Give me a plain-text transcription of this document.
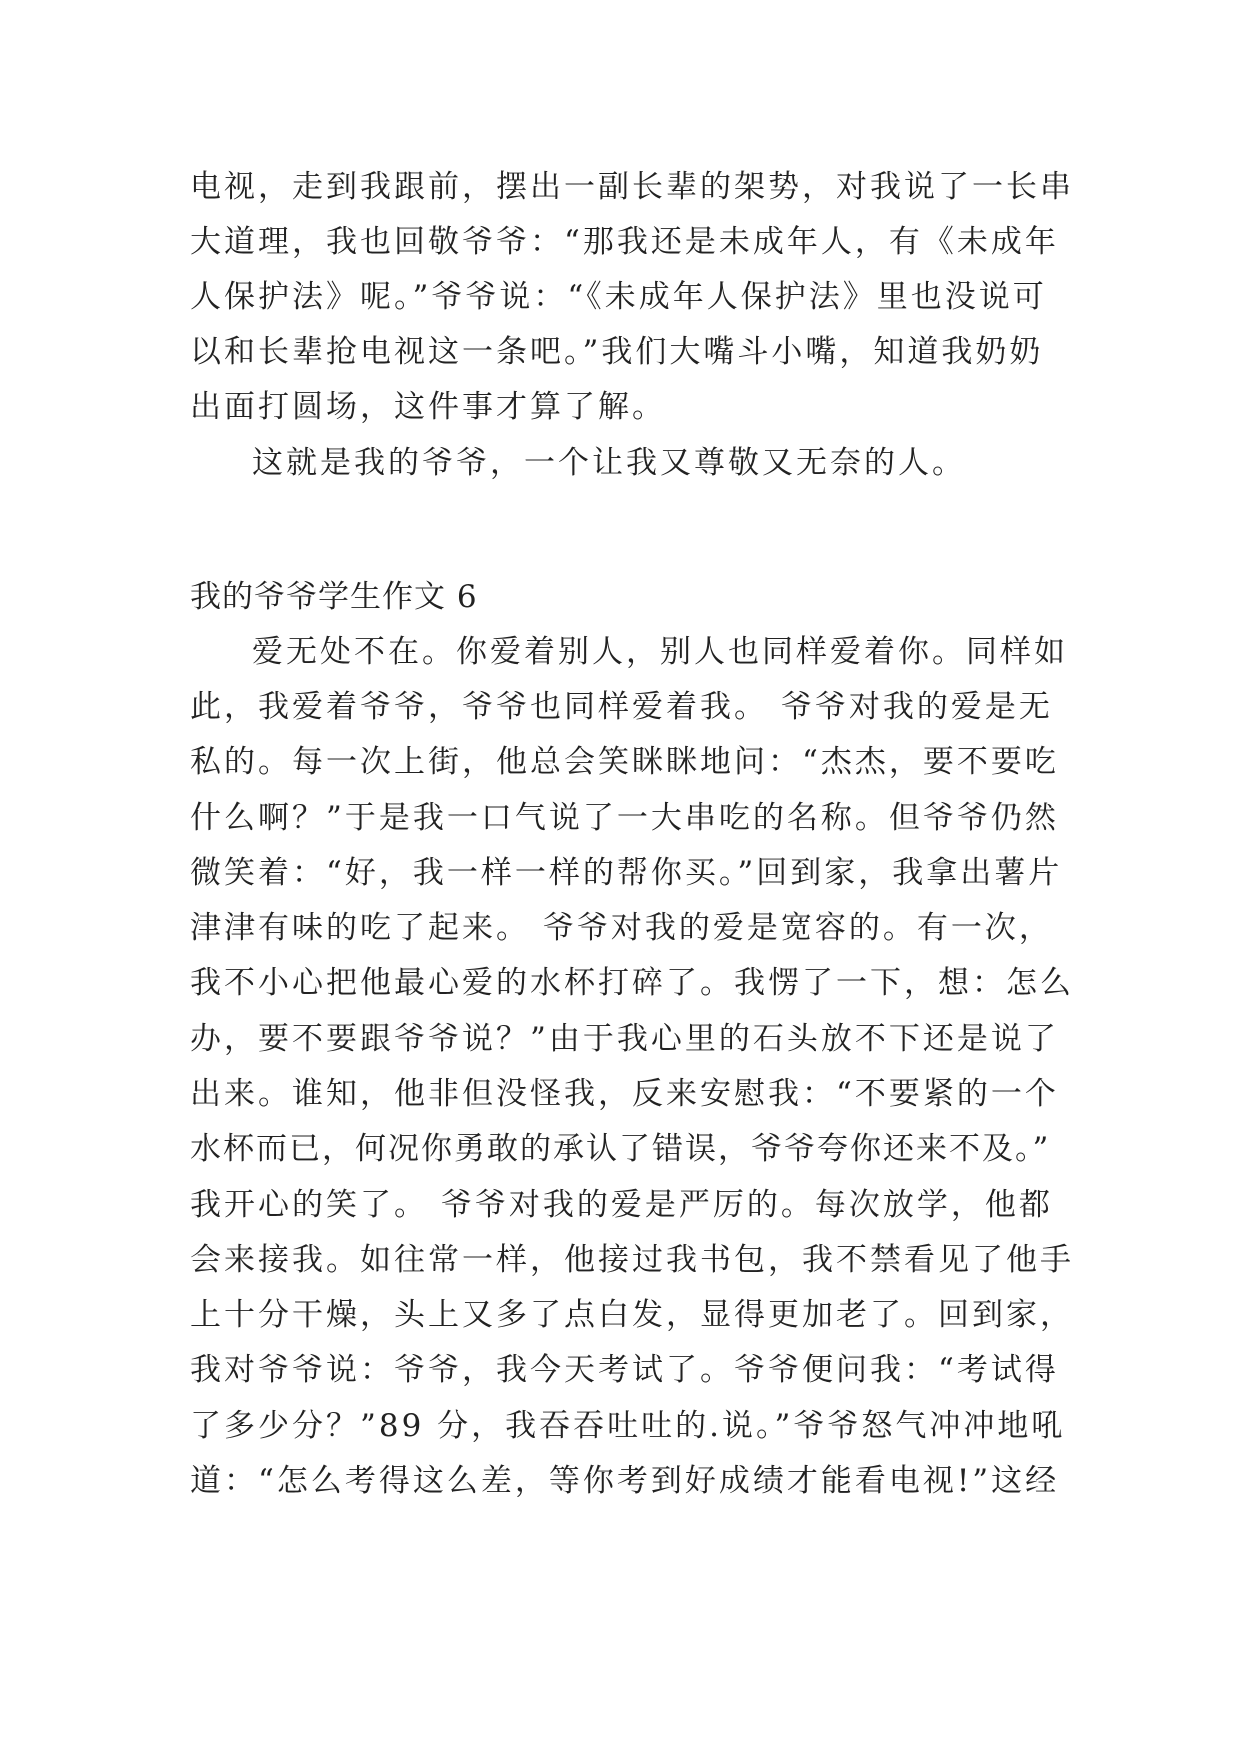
电视，走到我跟前，摆出一副长辈的架势，对我说了一长串
大道理，我也回敬爷爷：“那我还是未成年人，有《未成年
人保护法》呢。”爷爷说：“《未成年人保护法》里也没说可
以和长辈抢电视这一条吧。”我们大嘴斗小嘴，知道我奶奶
出面打圆场，这件事才算了解。
这就是我的爷爷，一个让我又尊敬又无奈的人。
我的爷爷学生作文 6
爱无处不在。你爱着别人，别人也同样爱着你。同样如
此，我爱着爷爷，爷爷也同样爱着我。 爷爷对我的爱是无
私的。每一次上街，他总会笑眯眯地问：“杰杰，要不要吃
什么啊？”于是我一口气说了一大串吃的名称。但爷爷仍然
微笑着：“好，我一样一样的帮你买。”回到家，我拿出薯片
津津有味的吃了起来。 爷爷对我的爱是宽容的。有一次，
我不小心把他最心爱的水杯打碎了。我愣了一下，想：怎么
办，要不要跟爷爷说？”由于我心里的石头放不下还是说了
出来。谁知，他非但没怪我，反来安慰我：“不要紧的一个
水杯而已，何况你勇敢的承认了错误，爷爷夸你还来不及。”
我开心的笑了。 爷爷对我的爱是严厉的。每次放学，他都
会来接我。如往常一样，他接过我书包，我不禁看见了他手
上十分干燥，头上又多了点白发，显得更加老了。回到家，
我对爷爷说：爷爷，我今天考试了。爷爷便问我：“考试得
了多少分？”89 分，我吞吞吐吐的.说。”爷爷怒气冲冲地吼
道：“怎么考得这么差，等你考到好成绩才能看电视!”这经
